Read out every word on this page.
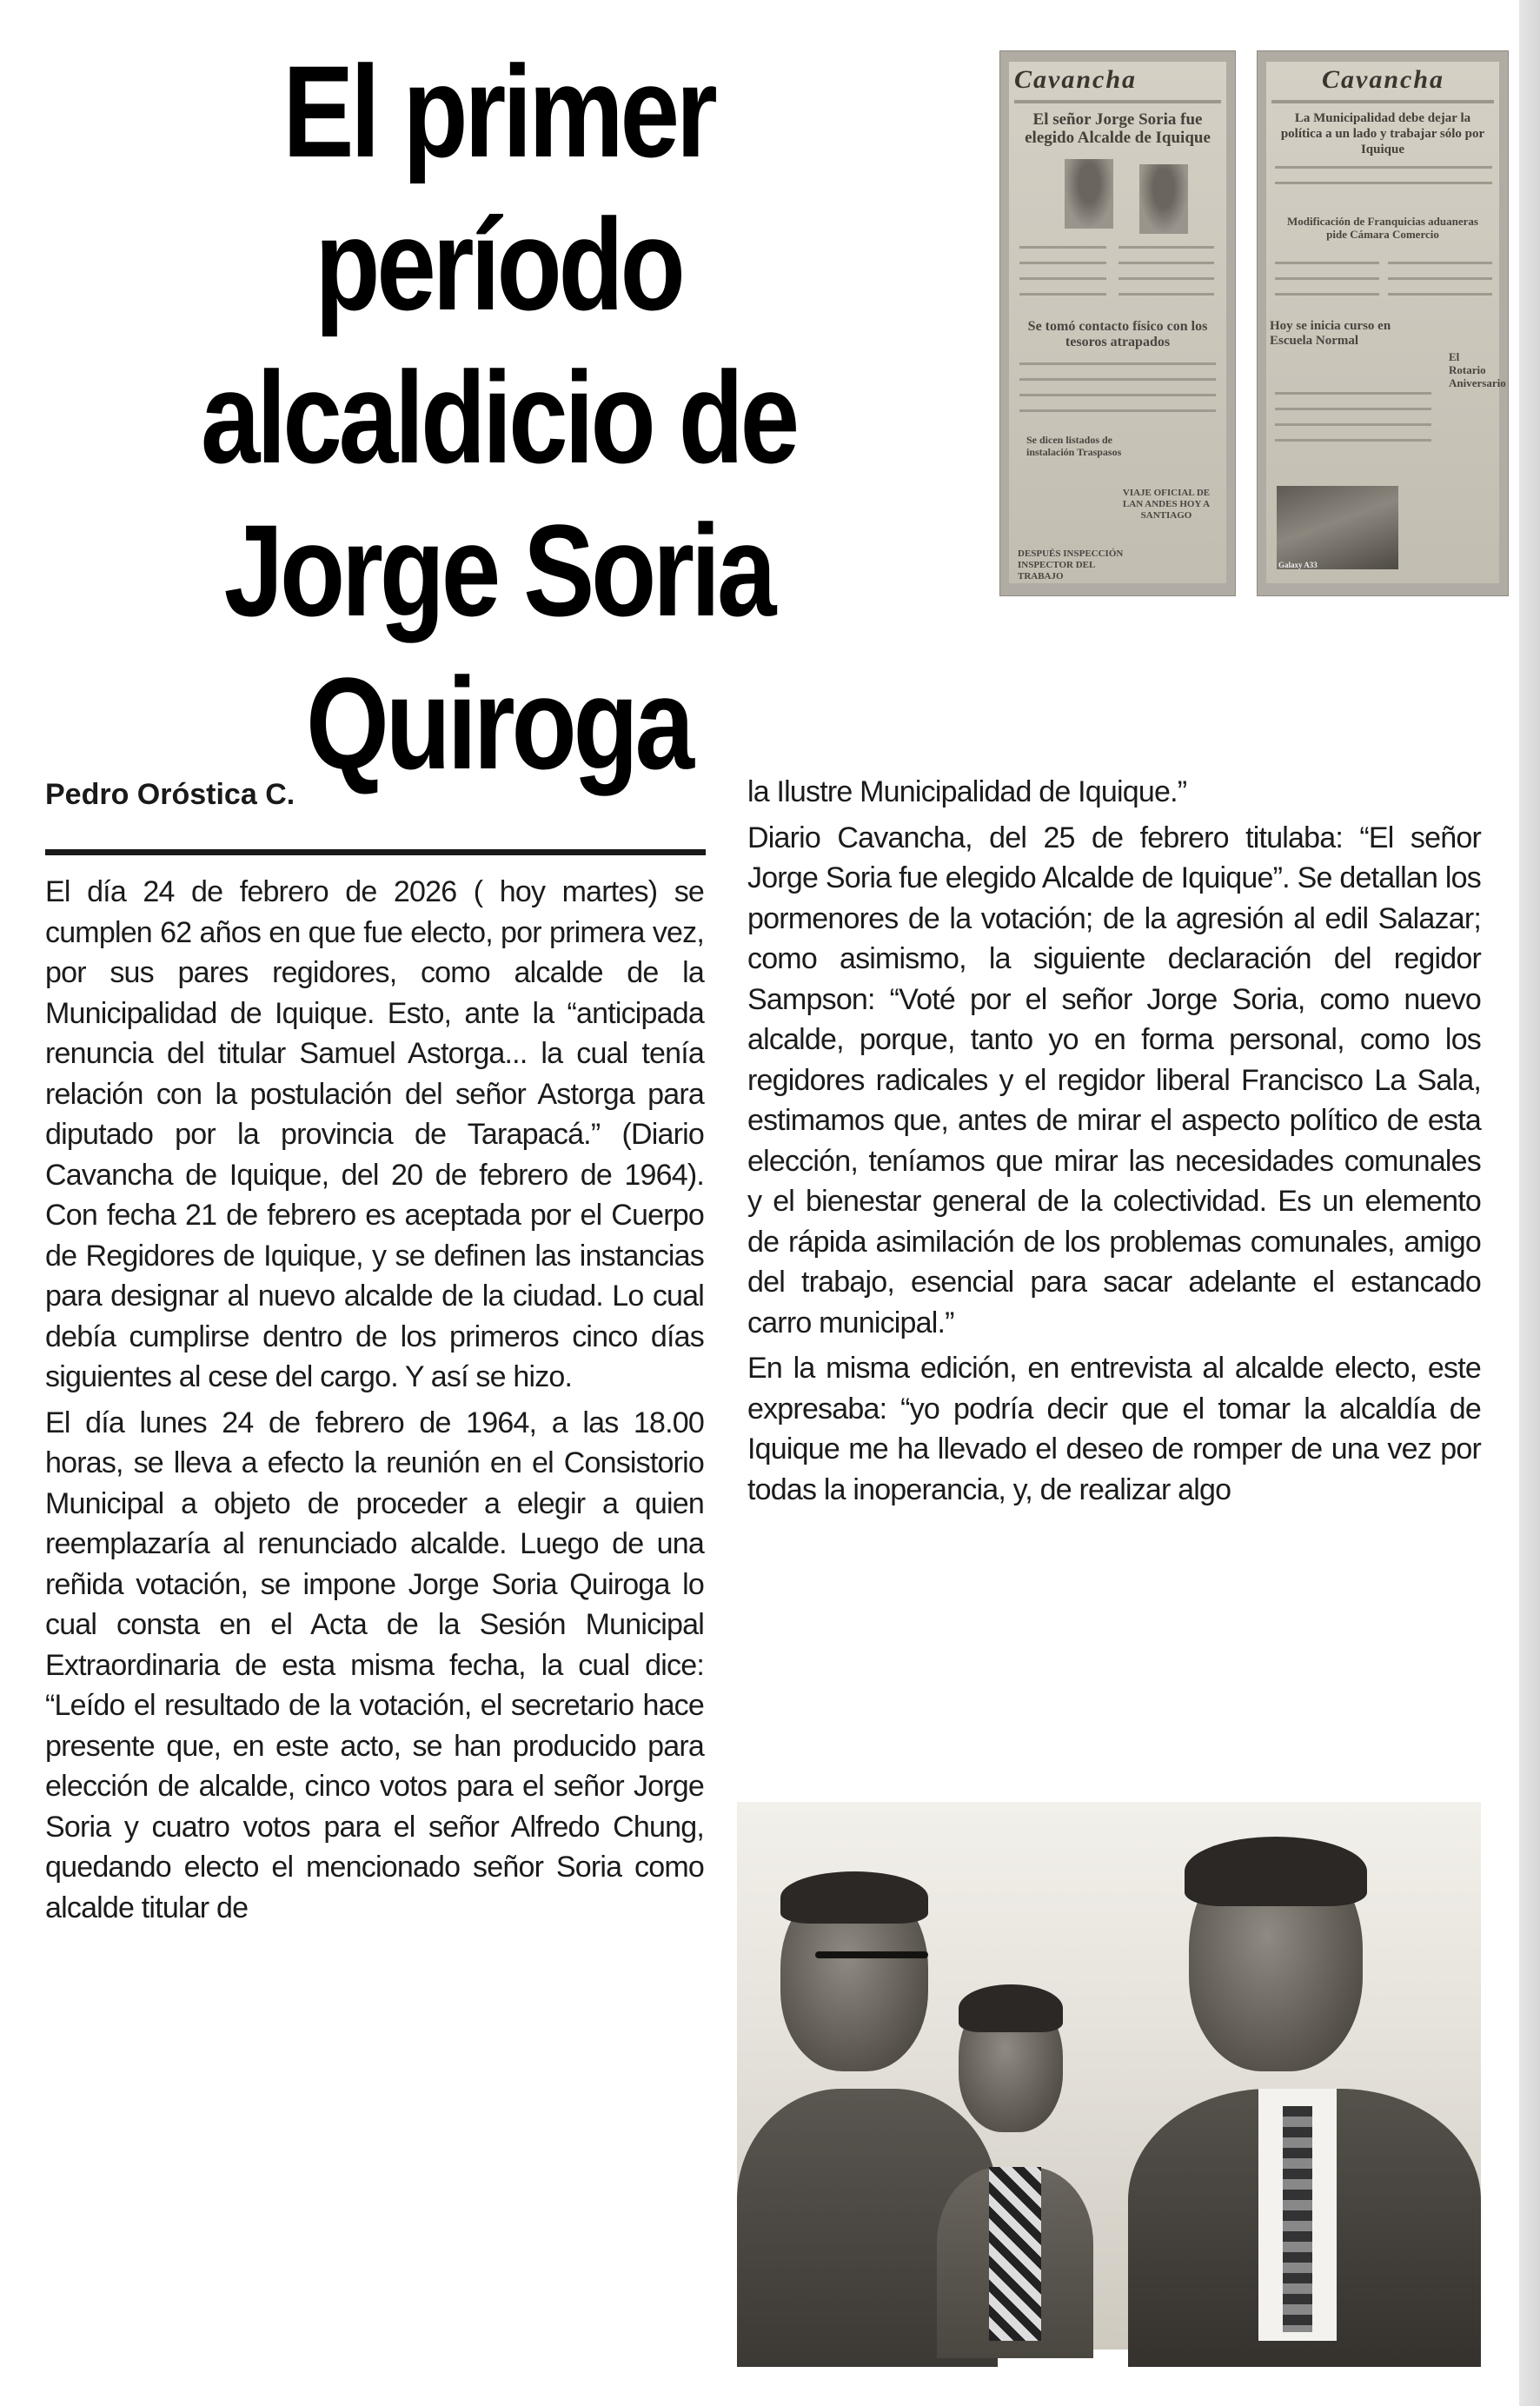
El primer período alcaldicio de Jorge Soria Quiroga
Cavancha
El señor Jorge Soria fue elegido Alcalde de Iquique
Se tomó contacto físico con los tesoros atrapados
Se dicen listados de instalación Traspasos
VIAJE OFICIAL DE LAN ANDES HOY A SANTIAGO
DESPUÉS INSPECCIÓN INSPECTOR DEL TRABAJO
Cavancha
La Municipalidad debe dejar la política a un lado y trabajar sólo por Iquique
Modificación de Franquicias aduaneras pide Cámara Comercio
Hoy se inicia curso en Escuela Normal
El Rotario Aniversario
Galaxy A33

Pedro Oróstica C.

El día 24 de febrero de 2026 ( hoy martes) se cumplen 62 años en que fue electo, por primera vez, por sus pares regidores, como alcalde de la Municipalidad de Iquique. Esto, ante la “anticipada renuncia del titular Samuel Astorga... la cual tenía relación con la postulación del señor Astorga para diputado por la provincia de Tarapacá.” (Diario Cavancha de Iquique, del 20 de febrero de 1964). Con fecha 21 de febrero es aceptada por el Cuerpo de Regidores de Iquique, y se definen las instancias para designar al nuevo alcalde de la ciudad. Lo cual debía cumplirse dentro de los primeros cinco días siguientes al cese del cargo. Y así se hizo.

El día lunes 24 de febrero de 1964, a las 18.00 horas, se lleva a efecto la reunión en el Consistorio Municipal a objeto de proceder a elegir a quien reemplazaría al renunciado alcalde. Luego de una reñida votación, se impone Jorge Soria Quiroga lo cual consta en el Acta de la Sesión Municipal Extraordinaria de esta misma fecha, la cual dice: “Leído el resultado de la votación, el secretario hace presente que, en este acto, se han producido para elección de alcalde, cinco votos para el señor Jorge Soria y cuatro votos para el señor Alfredo Chung, quedando electo el mencionado señor Soria como alcalde titular de

la Ilustre Municipalidad de Iquique.”

Diario Cavancha, del 25 de febrero titulaba: “El señor Jorge Soria fue elegido Alcalde de Iquique”. Se detallan los pormenores de la votación; de la agresión al edil Salazar; como asimismo, la siguiente declaración del regidor Sampson: “Voté por el señor Jorge Soria, como nuevo alcalde, porque, tanto yo en forma personal, como los regidores radicales y el regidor liberal Francisco La Sala, estimamos que, antes de mirar el aspecto político de esta elección, teníamos que mirar las necesidades comunales y el bienestar general de la colectividad. Es un elemento de rápida asimilación de los problemas comunales, amigo del trabajo, esencial para sacar adelante el estancado carro municipal.”

En la misma edición, en entrevista al alcalde electo, este expresaba: “yo podría decir que el tomar la alcaldía de Iquique me ha llevado el deseo de romper de una vez por todas la inoperancia, y, de realizar algo
